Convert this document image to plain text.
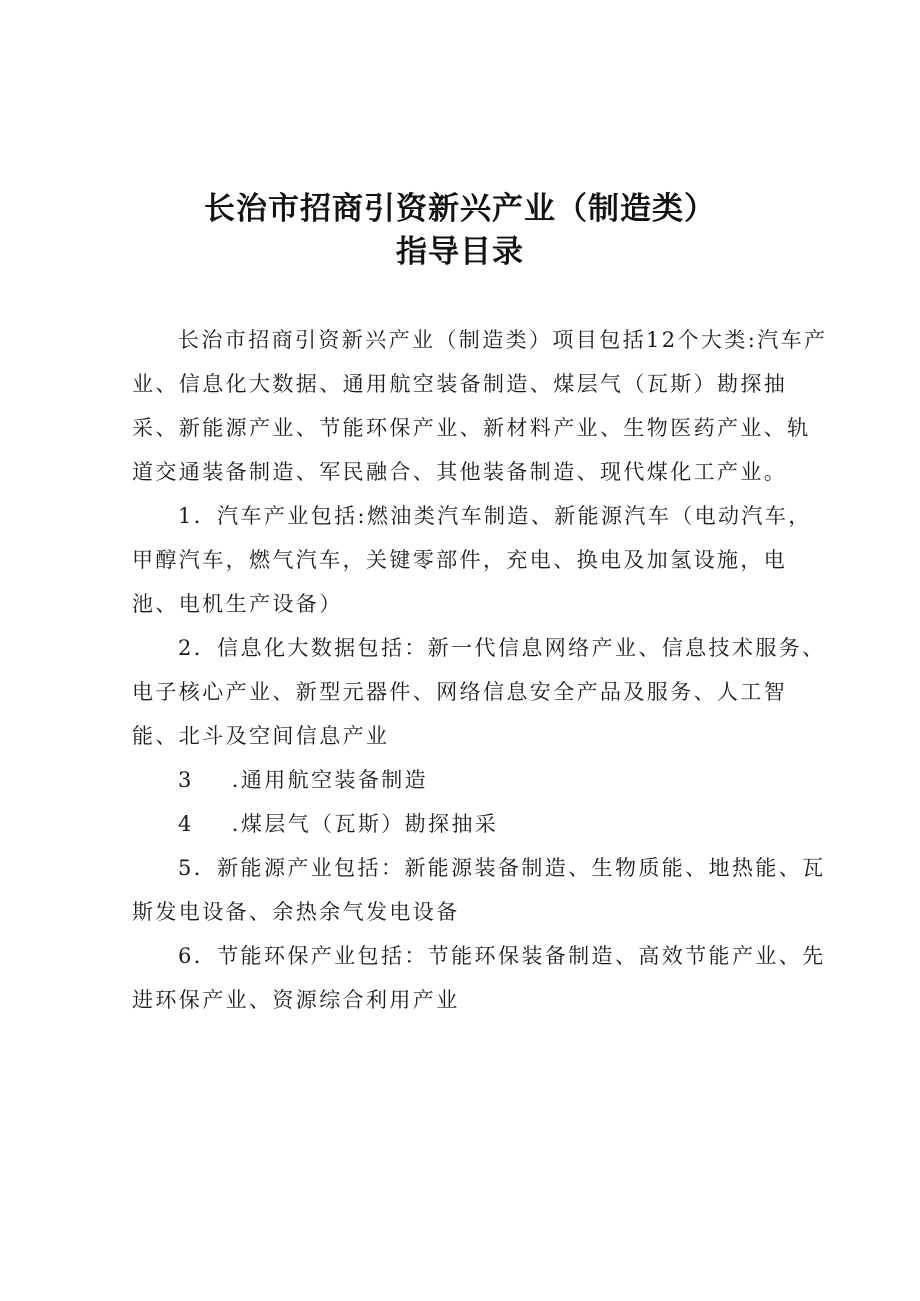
长治市招商引资新兴产业（制造类）
指导目录

长治市招商引资新兴产业（制造类）项目包括12个大类:汽车产业、信息化大数据、通用航空装备制造、煤层气（瓦斯）勘探抽采、新能源产业、节能环保产业、新材料产业、生物医药产业、轨道交通装备制造、军民融合、其他装备制造、现代煤化工产业。

1．汽车产业包括:燃油类汽车制造、新能源汽车（电动汽车，甲醇汽车，燃气汽车，关键零部件，充电、换电及加氢设施，电池、电机生产设备）

2．信息化大数据包括：新一代信息网络产业、信息技术服务、电子核心产业、新型元器件、网络信息安全产品及服务、人工智能、北斗及空间信息产业

3 .通用航空装备制造

4 .煤层气（瓦斯）勘探抽采

5．新能源产业包括：新能源装备制造、生物质能、地热能、瓦斯发电设备、余热余气发电设备

6．节能环保产业包括：节能环保装备制造、高效节能产业、先进环保产业、资源综合利用产业
